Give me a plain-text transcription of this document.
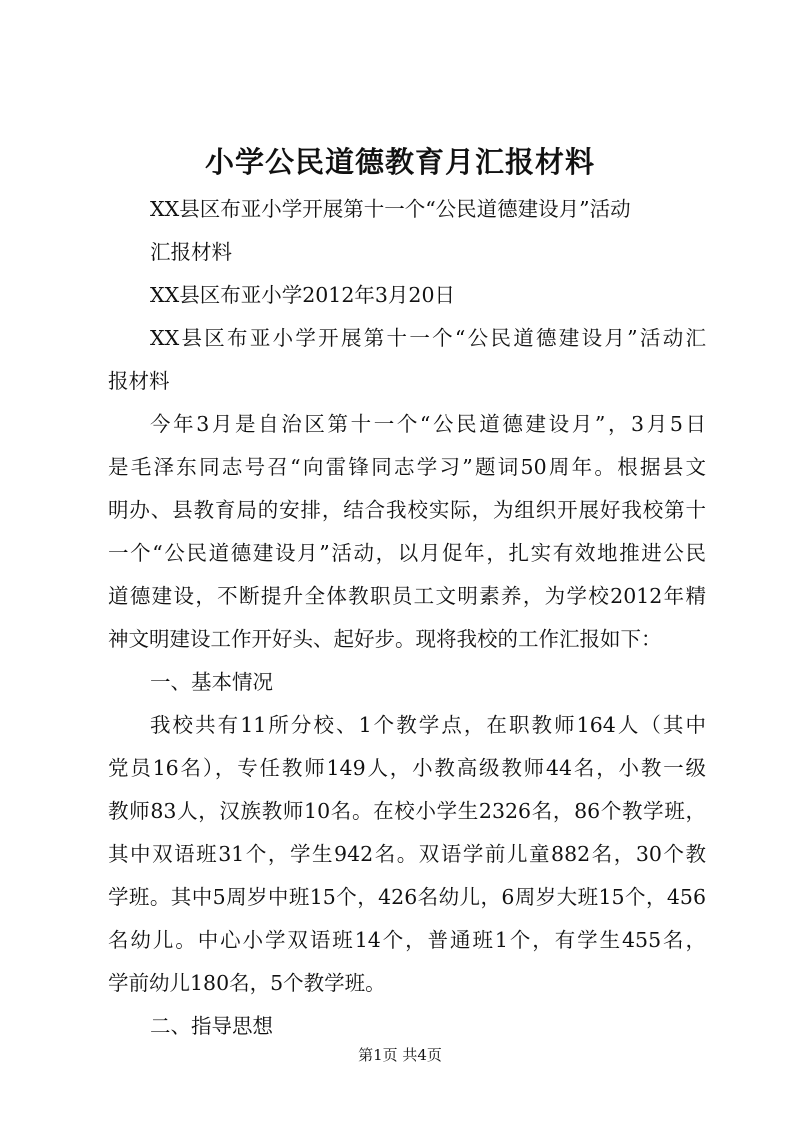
小学公民道德教育月汇报材料
XX县区布亚小学开展第十一个“公民道德建设月”活动
汇报材料
XX县区布亚小学2012年3月20日
XX县区布亚小学开展第十一个“公民道德建设月”活动汇
报材料
今年3月是自治区第十一个“公民道德建设月”，3月5日
是毛泽东同志号召“向雷锋同志学习”题词50周年。根据县文
明办、县教育局的安排，结合我校实际，为组织开展好我校第十
一个“公民道德建设月”活动，以月促年，扎实有效地推进公民
道德建设，不断提升全体教职员工文明素养，为学校2012年精
神文明建设工作开好头、起好步。现将我校的工作汇报如下：
一、基本情况
我校共有11所分校、1个教学点，在职教师164人（其中
党员16名），专任教师149人，小教高级教师44名，小教一级
教师83人，汉族教师10名。在校小学生2326名，86个教学班，
其中双语班31个，学生942名。双语学前儿童882名，30个教
学班。其中5周岁中班15个，426名幼儿，6周岁大班15个，456
名幼儿。中心小学双语班14个，普通班1个，有学生455名，
学前幼儿180名，5个教学班。
二、指导思想
第1页 共4页
